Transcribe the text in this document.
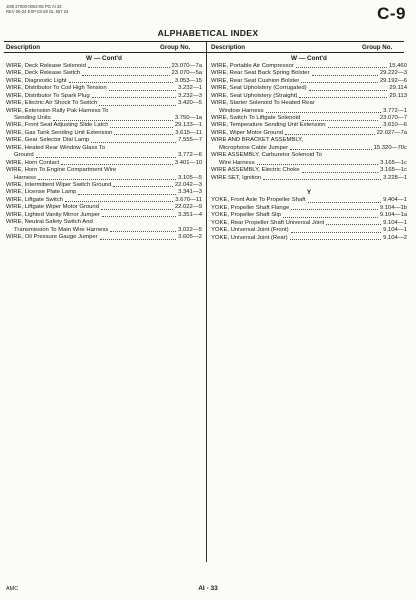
JOB 27000-0052-05 PG AI 33
REV 06-24 EXP 03-28 GL 557 24	C-9
ALPHABETICAL INDEX
Description	Group No.	Description	Group No.
W — Cont'd
WIRE, Deck Release Solenoid	23.070—7a
WIRE, Deck Release Switch	23.070—5a
WIRE, Diagnostic Light	3.053—15
WIRE, Distributor To Coil High Tension	3.232—1
WIRE, Distributor To Spark Plug	3.232—3
WIRE, Electric Air Shock To Switch	3.420—5
WIRE, Extension Rally Pak Harness To
Sending Units	3.750—1a
WIRE, Front Seat Adjusting Slide Latch	29.133—1
WIRE, Gas Tank Sending Unit Extension	3.615—11
WIRE, Gear Selector Dial Lamp	7.555—7
WIRE, Heated Rear Window Glass To
Ground	3.772—6
WIRE, Horn Contact	3.401—10
WIRE, Horn To Engine Compartment Wire
Harness	3.105—5
WIRE, Intermittent Wiper Switch Ground	22.042—3
WIRE, License Plate Lamp	3.341—3
WIRE, Liftgate Switch	3.670—11
WIRE, Liftgate Wiper Motor Ground	22.022—9
WIRE, Lighted Vanity Mirror Jumper	3.351—4
WIRE, Neutral Safety Switch And
Transmission To Main Wire Harness	3.022—5
WIRE, Oil Pressure Gauge Jumper	3.605—2
W — Cont'd
WIRE, Portable Air Compressor	15.460
WIRE, Rear Seat Back Spring Bolster	29.222—3
WIRE, Rear Seat Cushion Bolster	29.192—6
WIRE, Seat Upholstery (Corrugated)	29.114
WIRE, Seat Upholstery (Straight)	29.113
WIRE, Starter Solenoid To Heated Rear
Window Harness	3.772—1
WIRE, Switch To Liftgate Solenoid	23.070—7
WIRE, Temperature Sending Unit Extension	3.610—6
WIRE, Wiper Motor Ground	22.027—7a
WIRE AND BRACKET ASSEMBLY,
Microphone Cable Jumper	15.320—70c
WIRE ASSEMBLY, Carburetor Solenoid To
Wire Harness	3.165—1c
WIRE ASSEMBLY, Electric Choke	3.165—1c
WIRE SET, Ignition	3.228—1
Y
YOKE, Front Axle To Propeller Shaft	9.404—1
YOKE, Propeller Shaft Flange	9.104—1b
YOKE, Propeller Shaft Slip	9.104—1a
YOKE, Rear Propeller Shaft Universal Joint	9.104—1
YOKE, Universal Joint (Front)	9.104—1
YOKE, Universal Joint (Rear)	9.104—2
AMC	AI - 33
